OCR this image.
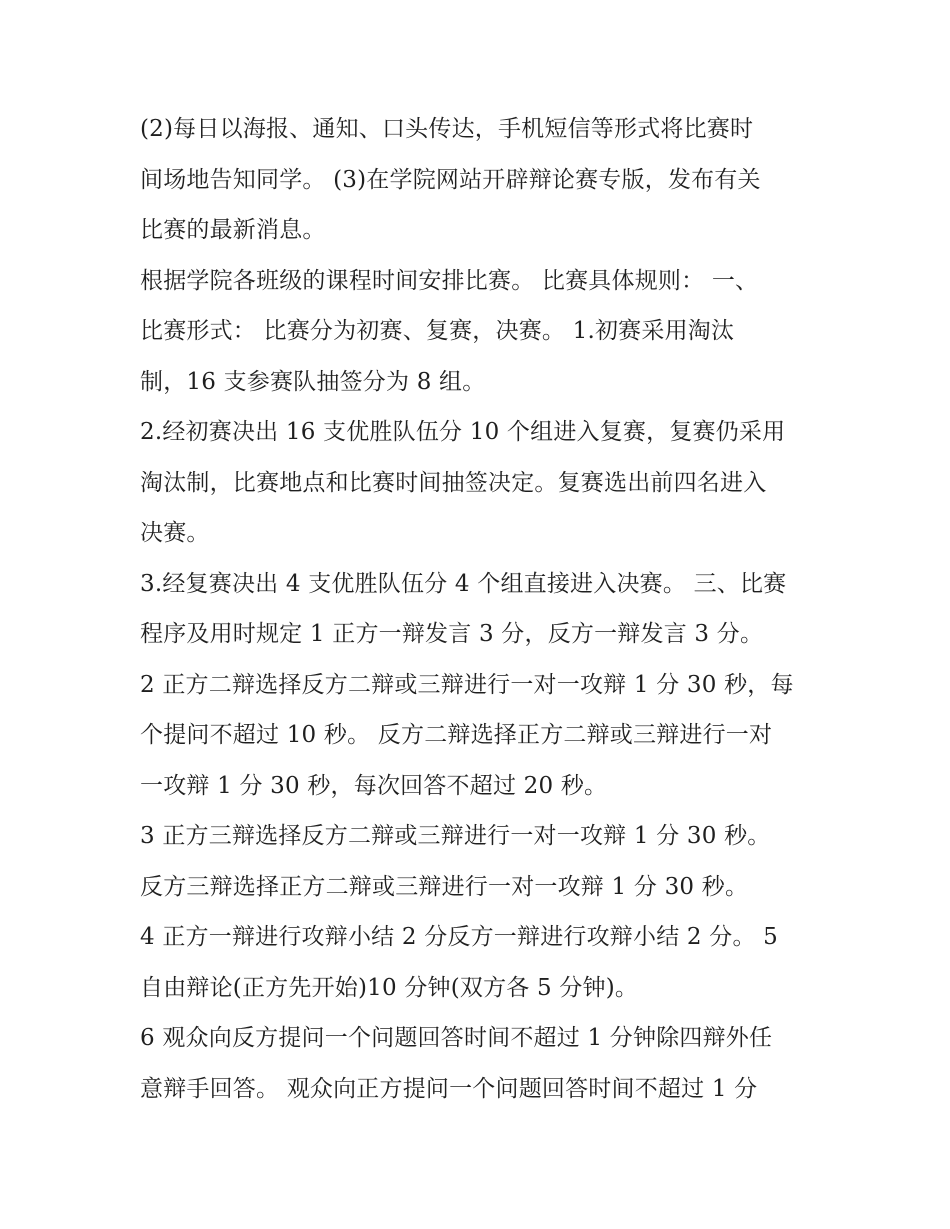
(2)每日以海报、通知、口头传达，手机短信等形式将比赛时
间场地告知同学。 (3)在学院网站开辟辩论赛专版，发布有关
比赛的最新消息。
根据学院各班级的课程时间安排比赛。 比赛具体规则： 一、
比赛形式： 比赛分为初赛、复赛，决赛。 1.初赛采用淘汰
制，16 支参赛队抽签分为 8 组。
2.经初赛决出 16 支优胜队伍分 10 个组进入复赛，复赛仍采用
淘汰制，比赛地点和比赛时间抽签决定。复赛选出前四名进入
决赛。
3.经复赛决出 4 支优胜队伍分 4 个组直接进入决赛。 三、比赛
程序及用时规定 1 正方一辩发言 3 分，反方一辩发言 3 分。
2 正方二辩选择反方二辩或三辩进行一对一攻辩 1 分 30 秒，每
个提问不超过 10 秒。 反方二辩选择正方二辩或三辩进行一对
一攻辩 1 分 30 秒，每次回答不超过 20 秒。
3 正方三辩选择反方二辩或三辩进行一对一攻辩 1 分 30 秒。
反方三辩选择正方二辩或三辩进行一对一攻辩 1 分 30 秒。
4 正方一辩进行攻辩小结 2 分反方一辩进行攻辩小结 2 分。 5
自由辩论(正方先开始)10 分钟(双方各 5 分钟)。
6 观众向反方提问一个问题回答时间不超过 1 分钟除四辩外任
意辩手回答。 观众向正方提问一个问题回答时间不超过 1 分
